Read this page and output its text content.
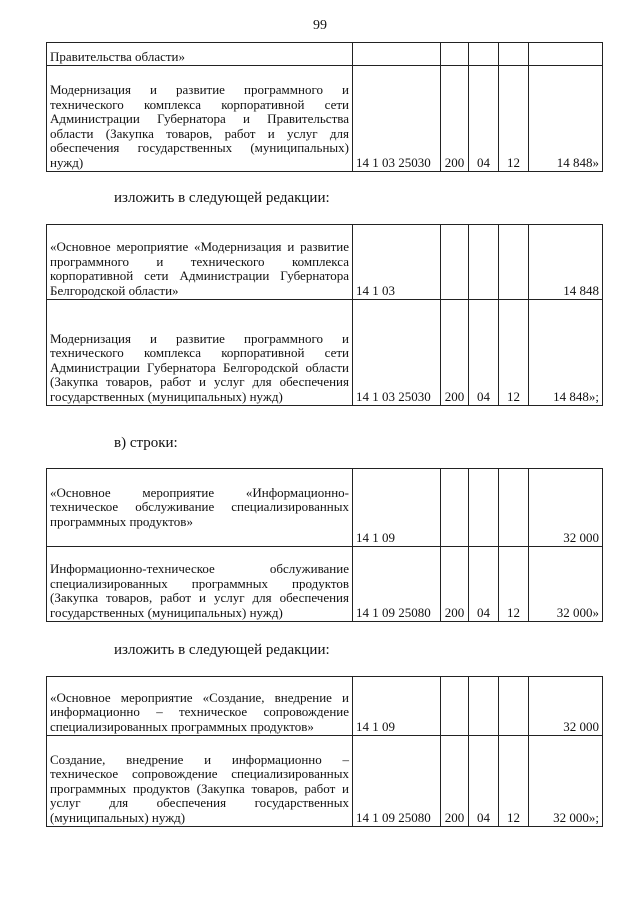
99
Правительства области»					
Модернизация и развитие программного и технического комплекса корпоративной сети Администрации Губернатора и Правительства области (Закупка товаров, работ и услуг для обеспечения государственных (муниципальных) нужд)	14 1 03 25030	200	04	12	14 848»
изложить в следующей редакции:
«Основное мероприятие «Модернизация и развитие программного и технического комплекса корпоративной сети Администрации Губернатора Белгородской области»	14 1 03				14 848
Модернизация и развитие программного и технического комплекса корпоративной сети Администрации Губернатора Белгородской области (Закупка товаров, работ и услуг для обеспечения государственных (муниципальных) нужд)	14 1 03 25030	200	04	12	14 848»;
в) строки:
«Основное мероприятие «Информационно-техническое обслуживание специализированных программных продуктов»	14 1 09				32 000
Информационно-техническое обслуживание специализированных программных продуктов (Закупка товаров, работ и услуг для обеспечения государственных (муниципальных) нужд)	14 1 09 25080	200	04	12	32 000»
изложить в следующей редакции:
«Основное мероприятие «Создание, внедрение и информационно – техническое сопровождение специализированных программных продуктов»	14 1 09				32 000
Создание, внедрение и информационно – техническое сопровождение специализированных программных продуктов (Закупка товаров, работ и услуг для обеспечения государственных (муниципальных) нужд)	14 1 09 25080	200	04	12	32 000»;
